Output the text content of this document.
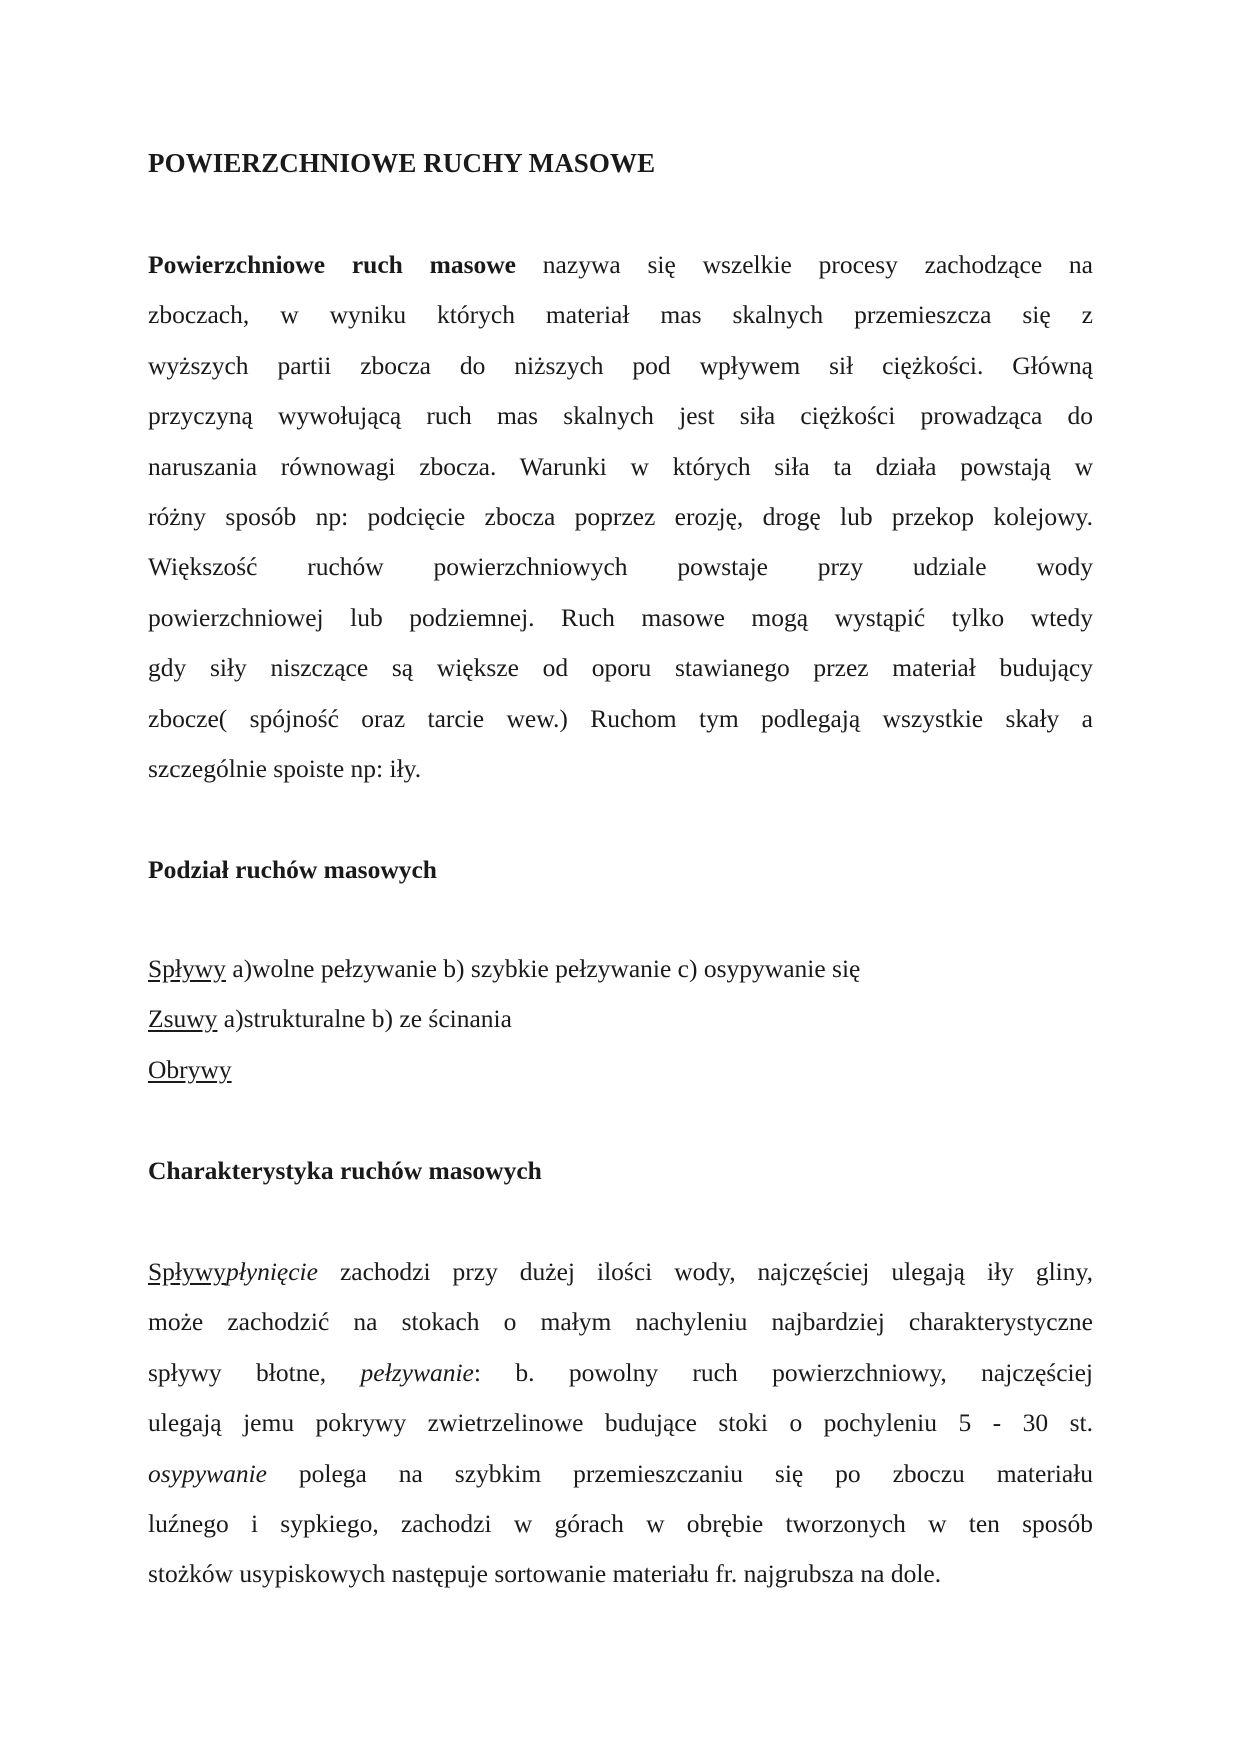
POWIERZCHNIOWE RUCHY MASOWE
Powierzchniowe ruch masowe nazywa się wszelkie procesy zachodzące na
zboczach, w wyniku których materiał mas skalnych przemieszcza się z
wyższych partii zbocza do niższych pod wpływem sił ciężkości. Główną
przyczyną wywołującą ruch mas skalnych jest siła ciężkości prowadząca do
naruszania równowagi zbocza. Warunki w których siła ta działa powstają w
różny sposób np: podcięcie zbocza poprzez erozję, drogę lub przekop kolejowy.
Większość ruchów powierzchniowych powstaje przy udziale wody
powierzchniowej lub podziemnej. Ruch masowe mogą wystąpić tylko wtedy
gdy siły niszczące są większe od oporu stawianego przez materiał budujący
zbocze( spójność oraz tarcie wew.) Ruchom tym podlegają wszystkie skały a
szczególnie spoiste np: iły.
Podział ruchów masowych
Spływy a)wolne pełzywanie b) szybkie pełzywanie c) osypywanie się
Zsuwy a)strukturalne b) ze ścinania
Obrywy
Charakterystyka ruchów masowych
Spływypłynięcie zachodzi przy dużej ilości wody, najczęściej ulegają iły gliny,
może zachodzić na stokach o małym nachyleniu najbardziej charakterystyczne
spływy błotne, pełzywanie: b. powolny ruch powierzchniowy, najczęściej
ulegają jemu pokrywy zwietrzelinowe budujące stoki o pochyleniu 5 - 30 st.
osypywanie polega na szybkim przemieszczaniu się po zboczu materiału
luźnego i sypkiego, zachodzi w górach w obrębie tworzonych w ten sposób
stożków usypiskowych następuje sortowanie materiału fr. najgrubsza na dole.
